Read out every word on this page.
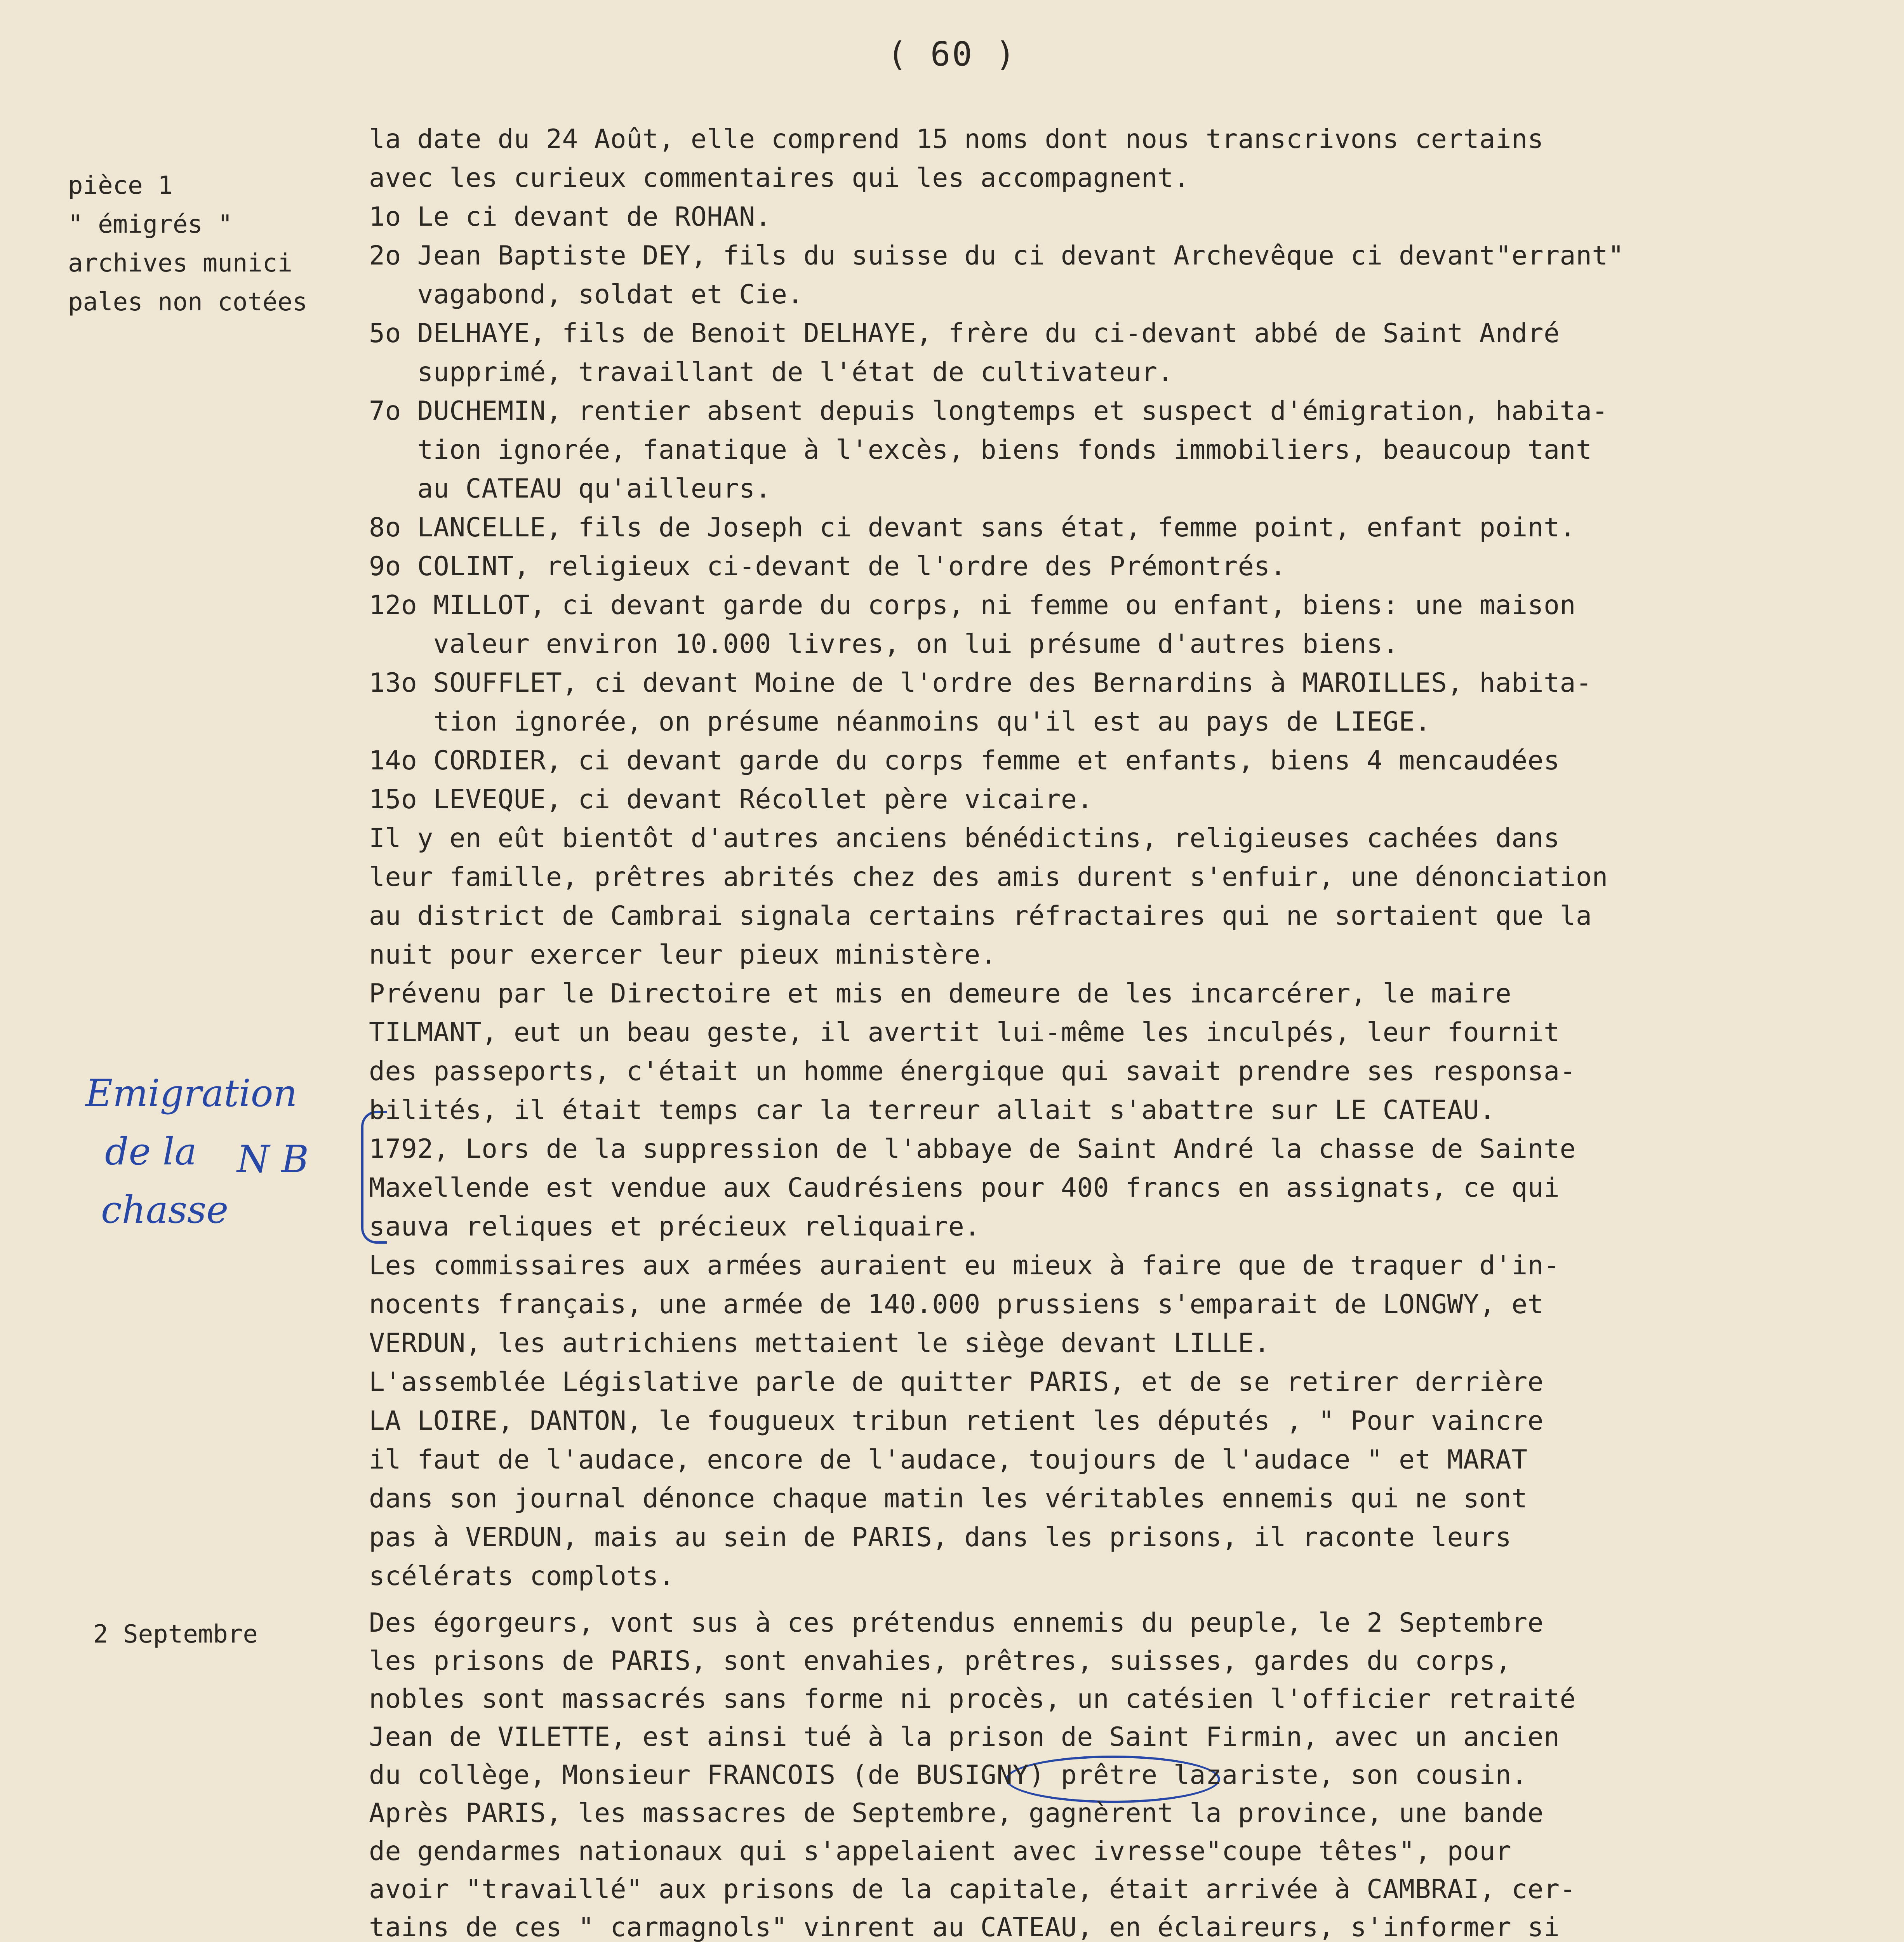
( 60 )
pièce 1
" émigrés "
archives munici
pales non cotées
2 Septembre
Emigration
de la
chasse
N B

la date du 24 Août, elle comprend 15 noms dont nous transcrivons certains

avec les curieux commentaires qui les accompagnent.

1o Le ci devant de ROHAN.

2o Jean Baptiste DEY, fils du suisse du ci devant Archevêque ci devant"errant"

vagabond, soldat et Cie.

5o DELHAYE, fils de Benoit DELHAYE, frère du ci-devant abbé de Saint André

supprimé, travaillant de l'état de cultivateur.

7o DUCHEMIN, rentier absent depuis longtemps et suspect d'émigration, habita-

tion ignorée, fanatique à l'excès, biens fonds immobiliers, beaucoup tant

au CATEAU qu'ailleurs.

8o LANCELLE, fils de Joseph ci devant sans état, femme point, enfant point.

9o COLINT, religieux ci-devant de l'ordre des Prémontrés.

12o MILLOT, ci devant garde du corps, ni femme ou enfant, biens: une maison

valeur environ 10.000 livres, on lui présume d'autres biens.

13o SOUFFLET, ci devant Moine de l'ordre des Bernardins à MAROILLES, habita-

tion ignorée, on présume néanmoins qu'il est au pays de LIEGE.

14o CORDIER, ci devant garde du corps femme et enfants, biens 4 mencaudées

15o LEVEQUE, ci devant Récollet père vicaire.

Il y en eût bientôt d'autres anciens bénédictins, religieuses cachées dans

leur famille, prêtres abrités chez des amis durent s'enfuir, une dénonciation

au district de Cambrai signala certains réfractaires qui ne sortaient que la

nuit pour exercer leur pieux ministère.

Prévenu par le Directoire et mis en demeure de les incarcérer, le maire

TILMANT, eut un beau geste, il avertit lui-même les inculpés, leur fournit

des passeports, c'était un homme énergique qui savait prendre ses responsa-

bilités, il était temps car la terreur allait s'abattre sur LE CATEAU.

1792, Lors de la suppression de l'abbaye de Saint André la chasse de Sainte

Maxellende est vendue aux Caudrésiens pour 400 francs en assignats, ce qui

sauva reliques et précieux reliquaire.

Les commissaires aux armées auraient eu mieux à faire que de traquer d'in-

nocents français, une armée de 140.000 prussiens s'emparait de LONGWY, et

VERDUN, les autrichiens mettaient le siège devant LILLE.

L'assemblée Législative parle de quitter PARIS, et de se retirer derrière

LA LOIRE, DANTON, le fougueux tribun retient les députés , " Pour vaincre

il faut de l'audace, encore de l'audace, toujours de l'audace " et MARAT

dans son journal dénonce chaque matin les véritables ennemis qui ne sont

pas à VERDUN, mais au sein de PARIS, dans les prisons, il raconte leurs

scélérats complots.

Des égorgeurs, vont sus à ces prétendus ennemis du peuple, le 2 Septembre

les prisons de PARIS, sont envahies, prêtres, suisses, gardes du corps,

nobles sont massacrés sans forme ni procès, un catésien l'officier retraité

Jean de VILETTE, est ainsi tué à la prison de Saint Firmin, avec un ancien

du collège, Monsieur FRANCOIS (de BUSIGNY) prêtre lazariste, son cousin.

Après PARIS, les massacres de Septembre, gagnèrent la province, une bande

de gendarmes nationaux qui s'appelaient avec ivresse"coupe têtes", pour

avoir "travaillé" aux prisons de la capitale, était arrivée à CAMBRAI, cer-

tains de ces " carmagnols" vinrent au CATEAU, en éclaireurs, s'informer si
